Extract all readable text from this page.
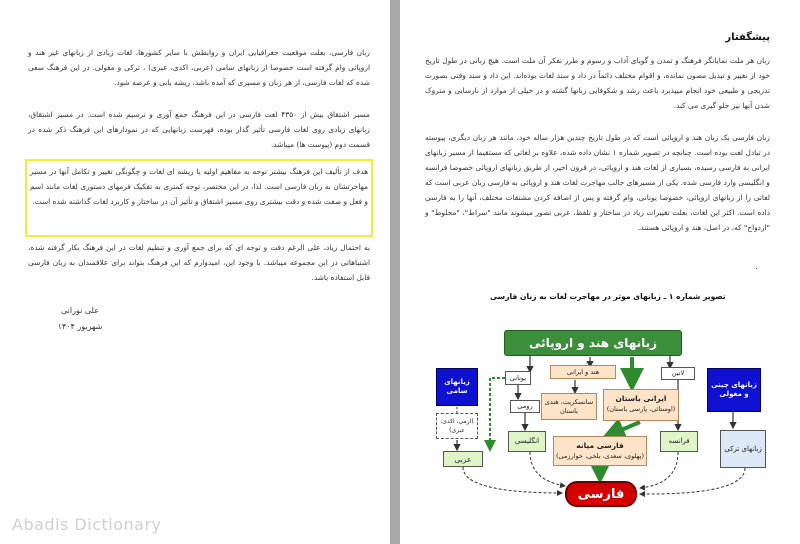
زبان فارسی، بعلت موقعیت جغرافیایی ایران و روابطش با سایر کشورها، لغات زیادی از زبانهای غیر هند و اروپائی وام گرفته است خصوصا از زبانهای سامی (عربی، اکدی، عبری) ، ترکی و مغولی. در این فرهنگ سعی شده که لغات فارسی، از هر زبان و مسیری که آمده باشد، ریشه یابی و عرضه شود.
مسیر اشتقاق بیش از ۴۳۵۰ لغت فارسی در این فرهنگ جمع آوری و ترسیم شده است. در مسیر اشتقاق، زبانهای زیادی روی لغات فارسی تأثیر گذار بوده، فهرست زبانهایی که در نمودارهای این فرهنگ ذکر شده در قسمت دوم (پیوست ها) میباشد.
هدف از تألیف این فرهنگ بیشتر توجه به مفاهیم اولیه یا ریشه ای لغات و چگونگی تغییر و تکامل آنها در مسیر مهاجرتشان به زبان فارسی است. لذا، در این مختصر، توجه کمتری به تفکیک فرمهای دستوری لغات مانند اسم و فعل و صفت شده و دقت بیشتری روی مسیر اشتقاق و تأثیر آن در ساختار و کاربرد لغات گذاشته شده است.
به احتمال زیاد، علی الرغم دقت و توجه ای که برای جمع آوری و تنظیم لغات در این فرهنگ بکار گرفته شده، اشتباهاتی در این مجموعه میباشد. با وجود این، امیدوارم که این فرهنگ بتواند برای علاقمندان به زبان فارسی قابل استفاده باشد.
علی نورانی
شهریور ۱۴۰۴
پیشگفتار
زبان هر ملت نمایانگر فرهنگ و تمدن و گویای آداب و رسوم و طرز تفکر آن ملت است. هیچ زبانی در طول تاریخ خود از تغییر و تبدیل مصون نمانده، و اقوام مختلف دائماً در داد و ستد لغات بوده‌اند. این داد و ستد وقتی بصورت تدریجی و طبیعی خود انجام میپذیرد باعث رشد و شکوفایی زبانها گشته و در خیلی از موارد از نارسایی و متروک شدن آنها نیز جلو گیری می کند.
زبان فارسی یک زبان هند و اروپائی است که در طول تاریخ چندین هزار ساله خود، مانند هر زبان دیگری، پیوسته در تبادل لغت بوده است. چنانچه در تصویر شماره ۱ نشان داده شده، علاوه بر لغاتی که مستقیما از مسیر زبانهای ایرانی به فارسی رسیده، بسیاری از لغات هند و اروپائی، در قرون اخیر، از طریق زبانهای اروپائی خصوصا فرانسه و انگلیسی وارد فارسی شده. یکی از مسیرهای جالب مهاجرت لغات هند و اروپائی به فارسی زبان عربی است که لغاتی را از زبانهای اروپائی، خصوصا یونانی، وام گرفته و پس از اضافه کردن مشتقات مختلف، آنها را به فارسی داده است. اکثر این لغات، بعلت تغییرات زیاد در ساختار و تلفظ، عربی تصور میشوند مانند "سراط"، "مخلوط" و "ازدواج" که، در اصل، هند و اروپائی هستند.
.
تصویر شماره ۱ ـ زبانهای موثر در مهاجرت لغات به زبان فارسی
زبانهای هند و اروپائی
هند و ایرانی
یونانی
لاتین
زبانهای سامی
(ارمی، اکدی، عبری)
سانسکریت، هندی باستان
ایرانی باستان
(اوستائی، پارسی باستان)
رومی
زبانهای چینی و مغولی
انگلیسی	فارسی میانه
(پهلوی، سغدی، بلخی، خوارزمی)
فرانسه
زبانهای ترکی
عربی
فارسی
Abadis Dictionary
